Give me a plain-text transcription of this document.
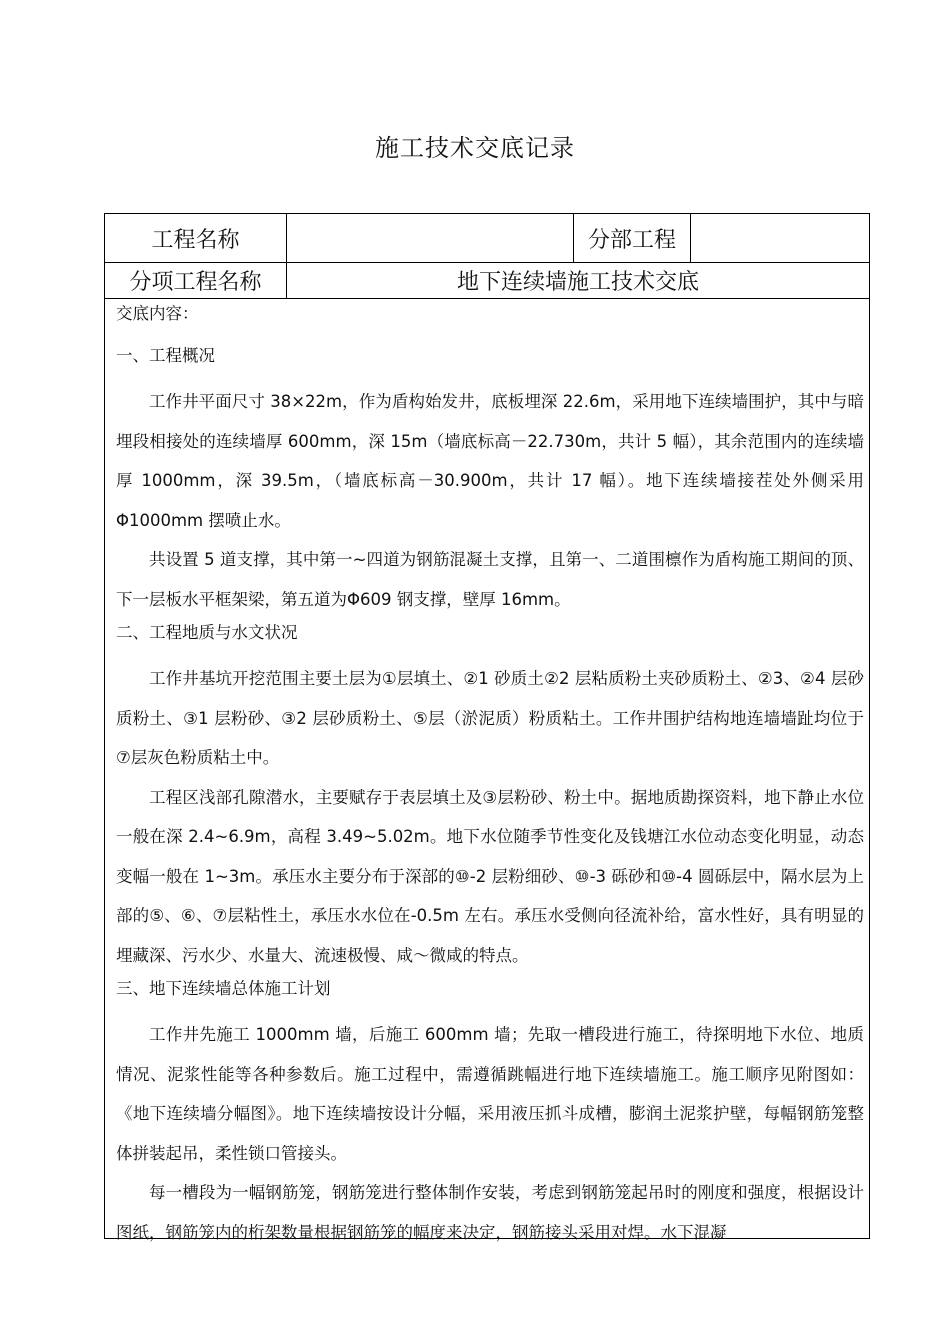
施工技术交底记录
工程名称	分部工程
分项工程名称	地下连续墙施工技术交底

交底内容：

一、工程概况

工作井平面尺寸 38×22m，作为盾构始发井，底板埋深 22.6m，采用地下连续墙围护，其中与暗埋段相接处的连续墙厚 600mm，深 15m（墙底标高－22.730m，共计 5 幅），其余范围内的连续墙厚 1000mm，深 39.5m，（墙底标高－30.900m，共计 17 幅）。地下连续墙接茬处外侧采用Φ1000mm 摆喷止水。

共设置 5 道支撑，其中第一~四道为钢筋混凝土支撑，且第一、二道围檩作为盾构施工期间的顶、下一层板水平框架梁，第五道为Φ609 钢支撑，壁厚 16mm。

二、工程地质与水文状况

工作井基坑开挖范围主要土层为①层填土、②1 砂质土②2 层粘质粉土夹砂质粉土、②3、②4 层砂质粉土、③1 层粉砂、③2 层砂质粉土、⑤层（淤泥质）粉质粘土。工作井围护结构地连墙墙趾均位于⑦层灰色粉质粘土中。

工程区浅部孔隙潜水，主要赋存于表层填土及③层粉砂、粉土中。据地质勘探资料，地下静止水位一般在深 2.4~6.9m，高程 3.49~5.02m。地下水位随季节性变化及钱塘江水位动态变化明显，动态变幅一般在 1~3m。承压水主要分布于深部的⑩-2 层粉细砂、⑩-3 砾砂和⑩-4 圆砾层中，隔水层为上部的⑤、⑥、⑦层粘性土，承压水水位在-0.5m 左右。承压水受侧向径流补给，富水性好，具有明显的埋藏深、污水少、水量大、流速极慢、咸～微咸的特点。

三、地下连续墙总体施工计划

工作井先施工 1000mm 墙，后施工 600mm 墙；先取一槽段进行施工，待探明地下水位、地质情况、泥浆性能等各种参数后。施工过程中，需遵循跳幅进行地下连续墙施工。施工顺序见附图如：《地下连续墙分幅图》。地下连续墙按设计分幅，采用液压抓斗成槽，膨润土泥浆护壁，每幅钢筋笼整体拼装起吊，柔性锁口管接头。

每一槽段为一幅钢筋笼，钢筋笼进行整体制作安装，考虑到钢筋笼起吊时的刚度和强度，根据设计图纸，钢筋笼内的桁架数量根据钢筋笼的幅度来决定，钢筋接头采用对焊。水下混凝
